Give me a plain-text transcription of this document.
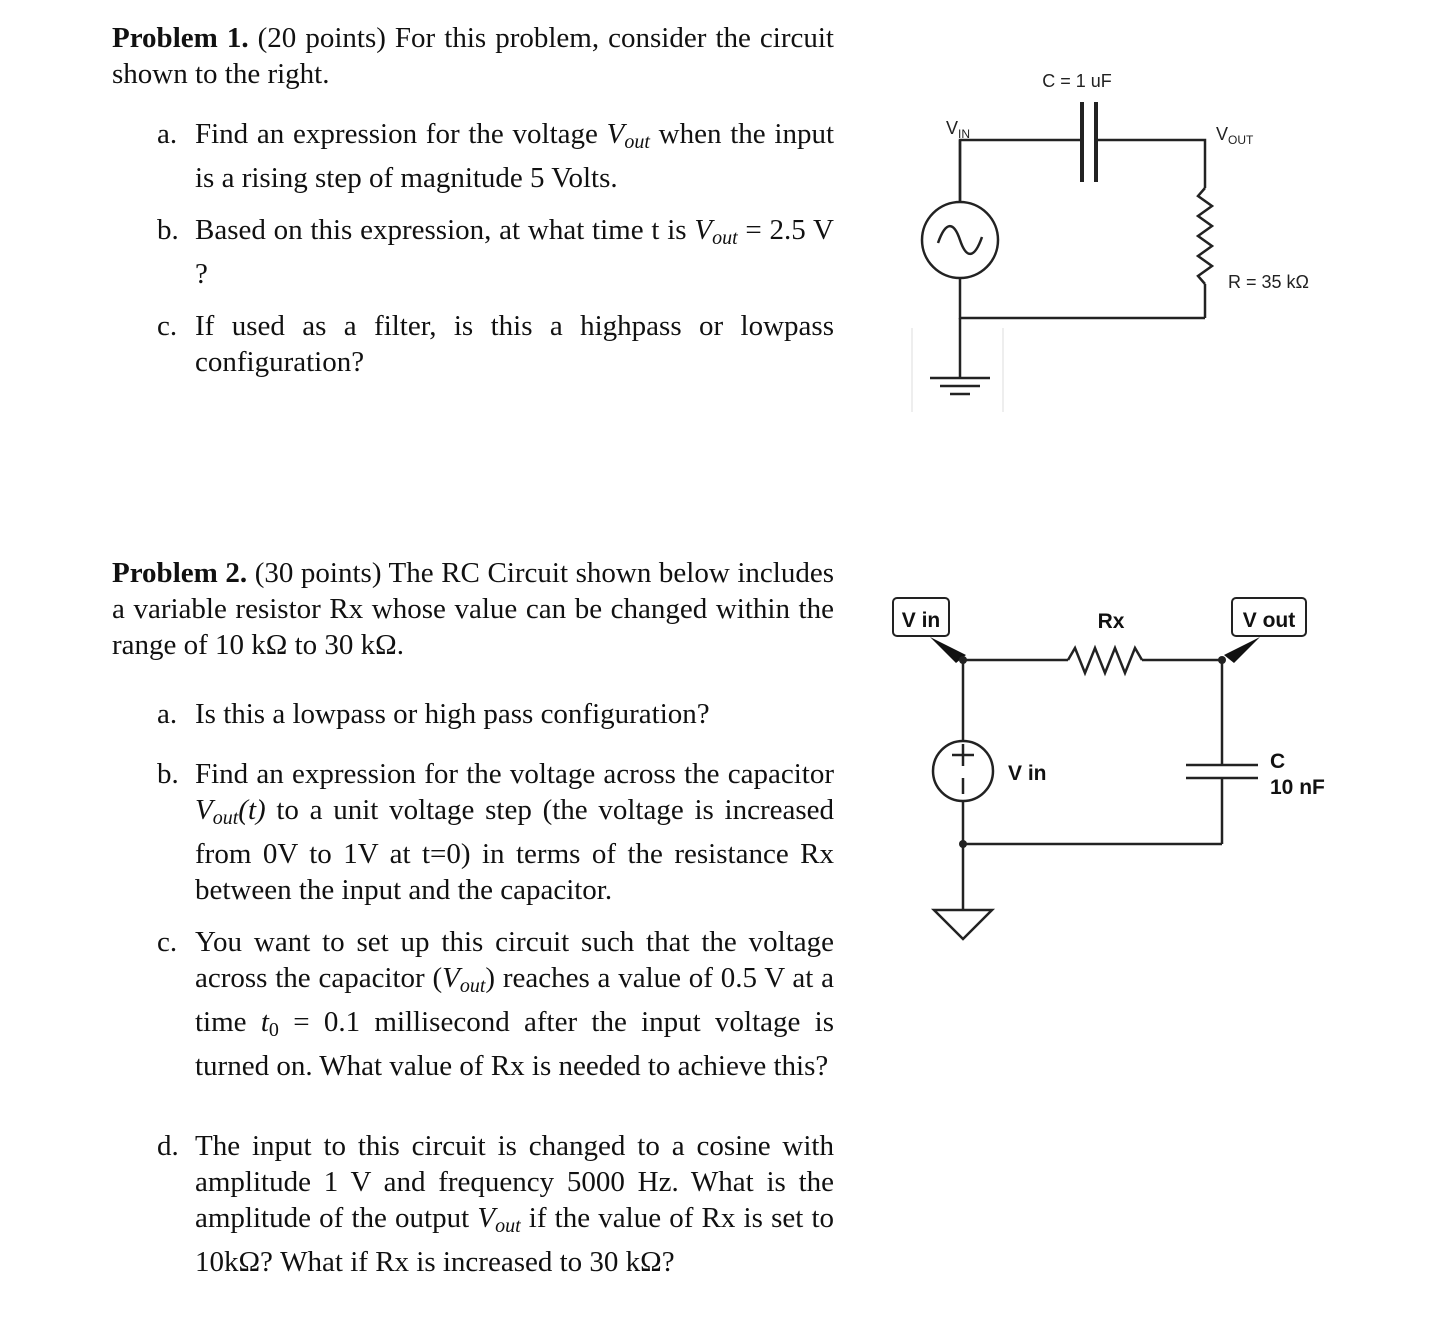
Problem 1. (20 points) For this problem, consider the circuit shown to the right.

a. Find an expression for the voltage $V_{out}$ when the input is a rising step of magnitude 5 Volts.
b. Based on this expression, at what time t is $V_{out} = 2.5$ V ?
c. If used as a filter, is this a highpass or lowpass configuration?
C = 1 uF
$V_{IN}$	$V_{OUT}$
R = 35 kΩ

Problem 2. (30 points) The RC Circuit shown below includes a variable resistor Rx whose value can be changed within the range of 10 kΩ to 30 kΩ.

a. Is this a lowpass or high pass configuration?
b. Find an expression for the voltage across the capacitor $V_{out}(t)$ to a unit voltage step (the voltage is increased from 0V to 1V at t=0) in terms of the resistance Rx between the input and the capacitor.
c. You want to set up this circuit such that the voltage across the capacitor $(V_{out})$ reaches a value of 0.5 V at a time $t_0 = 0.1$ millisecond after the input voltage is turned on. What value of Rx is needed to achieve this?
d. The input to this circuit is changed to a cosine with amplitude 1 V and frequency 5000 Hz. What is the amplitude of the output $V_{out}$ if the value of Rx is set to 10kΩ? What if Rx is increased to 30 kΩ?
V in	V out
Rx
V in
C
10 nF
